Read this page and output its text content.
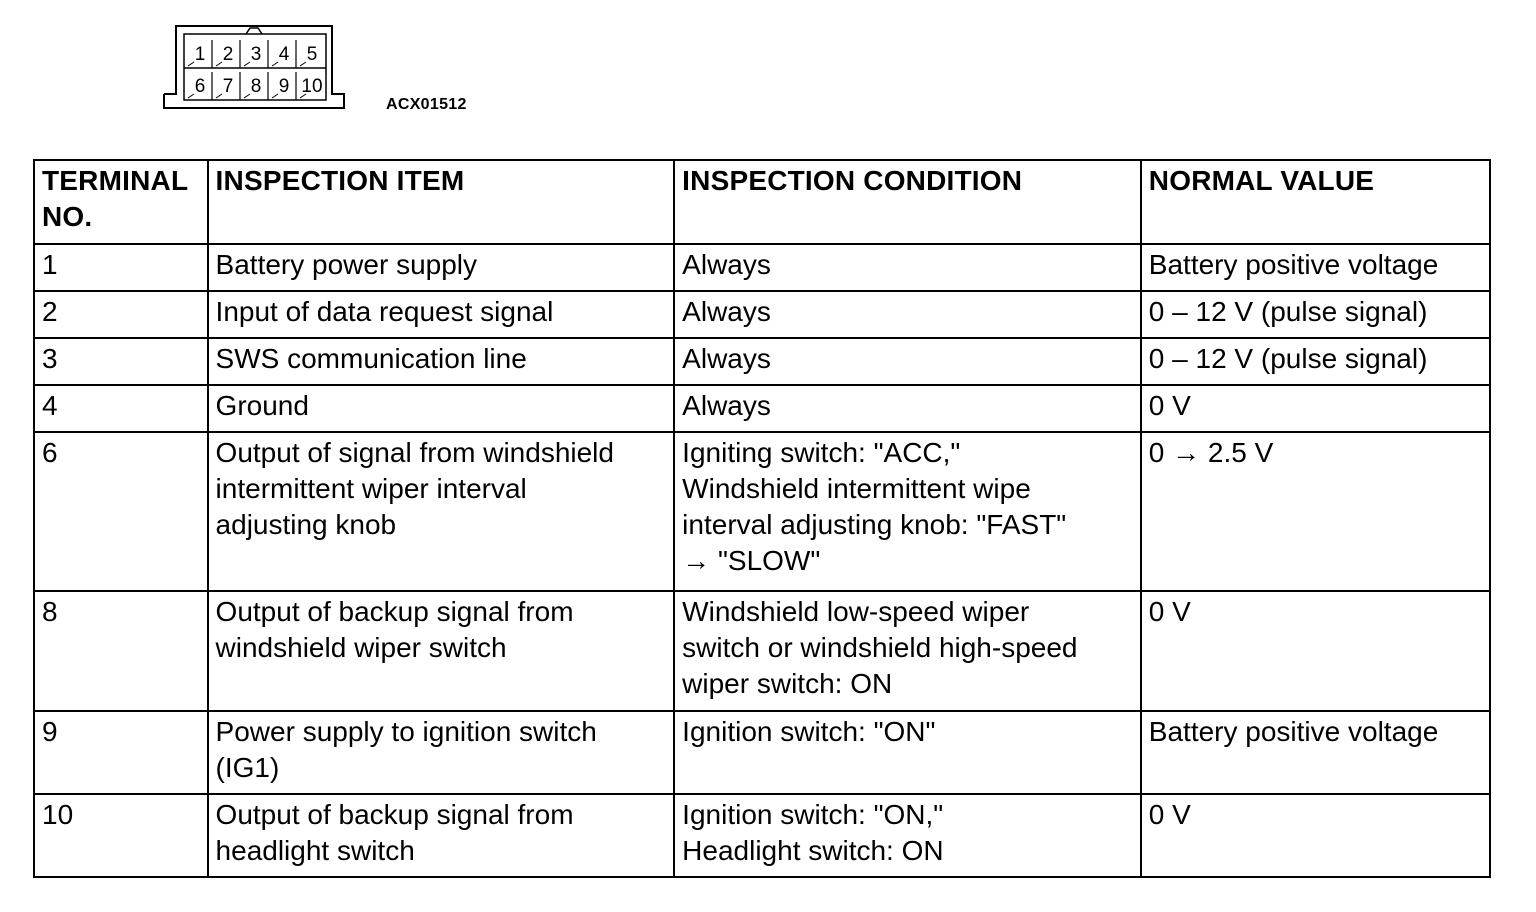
1 2 3 4 5
6 7 8 9 10
ACX01512
TERMINAL
NO.	INSPECTION ITEM	INSPECTION CONDITION	NORMAL VALUE
1	Battery power supply	Always	Battery positive voltage
2	Input of data request signal	Always	0 – 12 V (pulse signal)
3	SWS communication line	Always	0 – 12 V (pulse signal)
4	Ground	Always	0 V
6	Output of signal from windshield
intermittent wiper interval
adjusting knob	Igniting switch: "ACC,"
Windshield intermittent wipe
interval adjusting knob: "FAST"
→ "SLOW"	0 → 2.5 V
8	Output of backup signal from
windshield wiper switch	Windshield low-speed wiper
switch or windshield high-speed
wiper switch: ON	0 V
9	Power supply to ignition switch
(IG1)	Ignition switch: "ON"	Battery positive voltage
10	Output of backup signal from
headlight switch	Ignition switch: "ON,"
Headlight switch: ON	0 V
